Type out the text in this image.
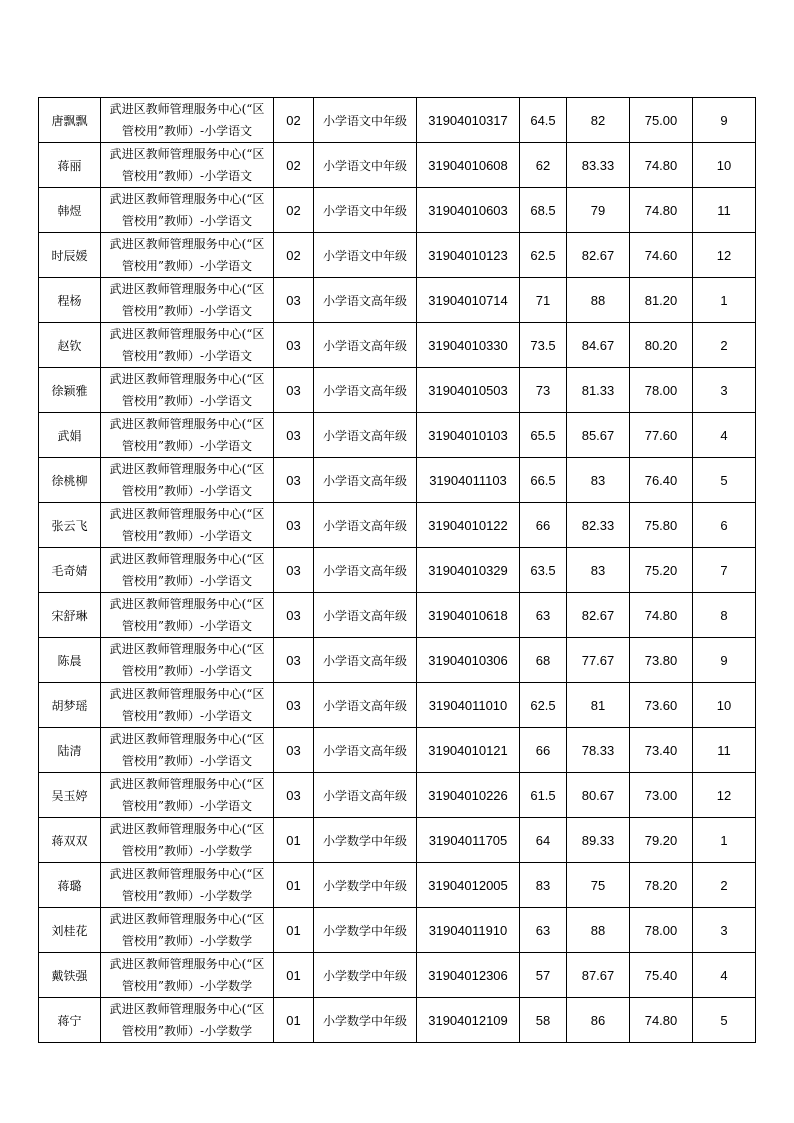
唐飘飘	武进区教师管理服务中心(“区
管校用”教师）-小学语文	02	小学语文中年级	31904010317	64.5	82	75.00	9
蒋丽	武进区教师管理服务中心(“区
管校用”教师）-小学语文	02	小学语文中年级	31904010608	62	83.33	74.80	10
韩煜	武进区教师管理服务中心(“区
管校用”教师）-小学语文	02	小学语文中年级	31904010603	68.5	79	74.80	11
时辰媛	武进区教师管理服务中心(“区
管校用”教师）-小学语文	02	小学语文中年级	31904010123	62.5	82.67	74.60	12
程杨	武进区教师管理服务中心(“区
管校用”教师）-小学语文	03	小学语文高年级	31904010714	71	88	81.20	1
赵钦	武进区教师管理服务中心(“区
管校用”教师）-小学语文	03	小学语文高年级	31904010330	73.5	84.67	80.20	2
徐颖雅	武进区教师管理服务中心(“区
管校用”教师）-小学语文	03	小学语文高年级	31904010503	73	81.33	78.00	3
武娟	武进区教师管理服务中心(“区
管校用”教师）-小学语文	03	小学语文高年级	31904010103	65.5	85.67	77.60	4
徐桃柳	武进区教师管理服务中心(“区
管校用”教师）-小学语文	03	小学语文高年级	31904011103	66.5	83	76.40	5
张云飞	武进区教师管理服务中心(“区
管校用”教师）-小学语文	03	小学语文高年级	31904010122	66	82.33	75.80	6
毛奇婧	武进区教师管理服务中心(“区
管校用”教师）-小学语文	03	小学语文高年级	31904010329	63.5	83	75.20	7
宋舒琳	武进区教师管理服务中心(“区
管校用”教师）-小学语文	03	小学语文高年级	31904010618	63	82.67	74.80	8
陈晨	武进区教师管理服务中心(“区
管校用”教师）-小学语文	03	小学语文高年级	31904010306	68	77.67	73.80	9
胡梦瑶	武进区教师管理服务中心(“区
管校用”教师）-小学语文	03	小学语文高年级	31904011010	62.5	81	73.60	10
陆清	武进区教师管理服务中心(“区
管校用”教师）-小学语文	03	小学语文高年级	31904010121	66	78.33	73.40	11
吴玉婷	武进区教师管理服务中心(“区
管校用”教师）-小学语文	03	小学语文高年级	31904010226	61.5	80.67	73.00	12
蒋双双	武进区教师管理服务中心(“区
管校用”教师）-小学数学	01	小学数学中年级	31904011705	64	89.33	79.20	1
蒋璐	武进区教师管理服务中心(“区
管校用”教师）-小学数学	01	小学数学中年级	31904012005	83	75	78.20	2
刘桂花	武进区教师管理服务中心(“区
管校用”教师）-小学数学	01	小学数学中年级	31904011910	63	88	78.00	3
戴铁强	武进区教师管理服务中心(“区
管校用”教师）-小学数学	01	小学数学中年级	31904012306	57	87.67	75.40	4
蒋宁	武进区教师管理服务中心(“区
管校用”教师）-小学数学	01	小学数学中年级	31904012109	58	86	74.80	5
